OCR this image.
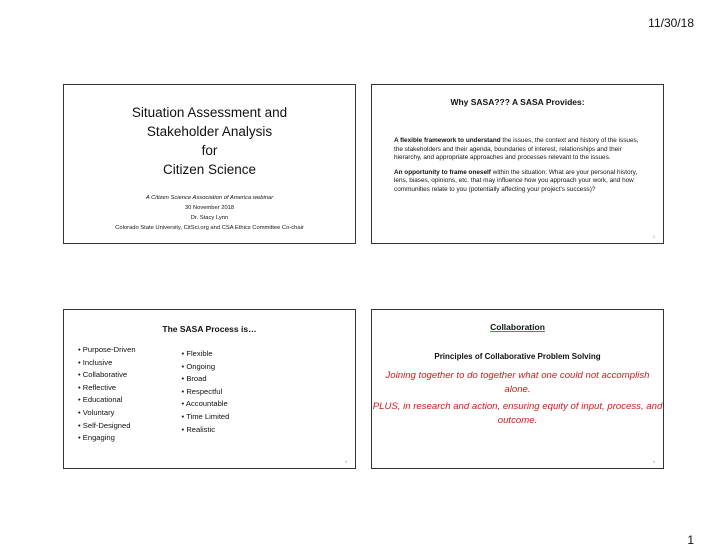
11/30/18
Situation Assessment and
Stakeholder Analysis
for
Citizen Science
A Citizen Science Association of America webinar
30 November 2018
Dr. Stacy Lynn
Colorado State University, CitSci.org and CSA Ethics Committee Co-chair
Why SASA??? A SASA Provides:

A flexible framework to understand the issues, the context and history of the issues, the stakeholders and their agenda, boundaries of interest, relationships and their hierarchy, and appropriate approaches and processes relevant to the issues.

An opportunity to frame oneself within the situation: What are your personal history, lens, biases, opinions, etc. that may influence how you approach your work, and how communities relate to you (potentially affecting your project's success)?

2
The SASA Process is…
• Purpose-Driven
• Inclusive
• Collaborative
• Reflective
• Educational
• Voluntary
• Self-Designed
• Engaging
• Flexible
• Ongoing
• Broad
• Respectful
• Accountable
• Time Limited
• Realistic
3
Collaboration
Principles of Collaborative Problem Solving
Joining together to do together what one could not accomplish alone.
PLUS, in research and action, ensuring equity of input, process, and outcome.
4
1
